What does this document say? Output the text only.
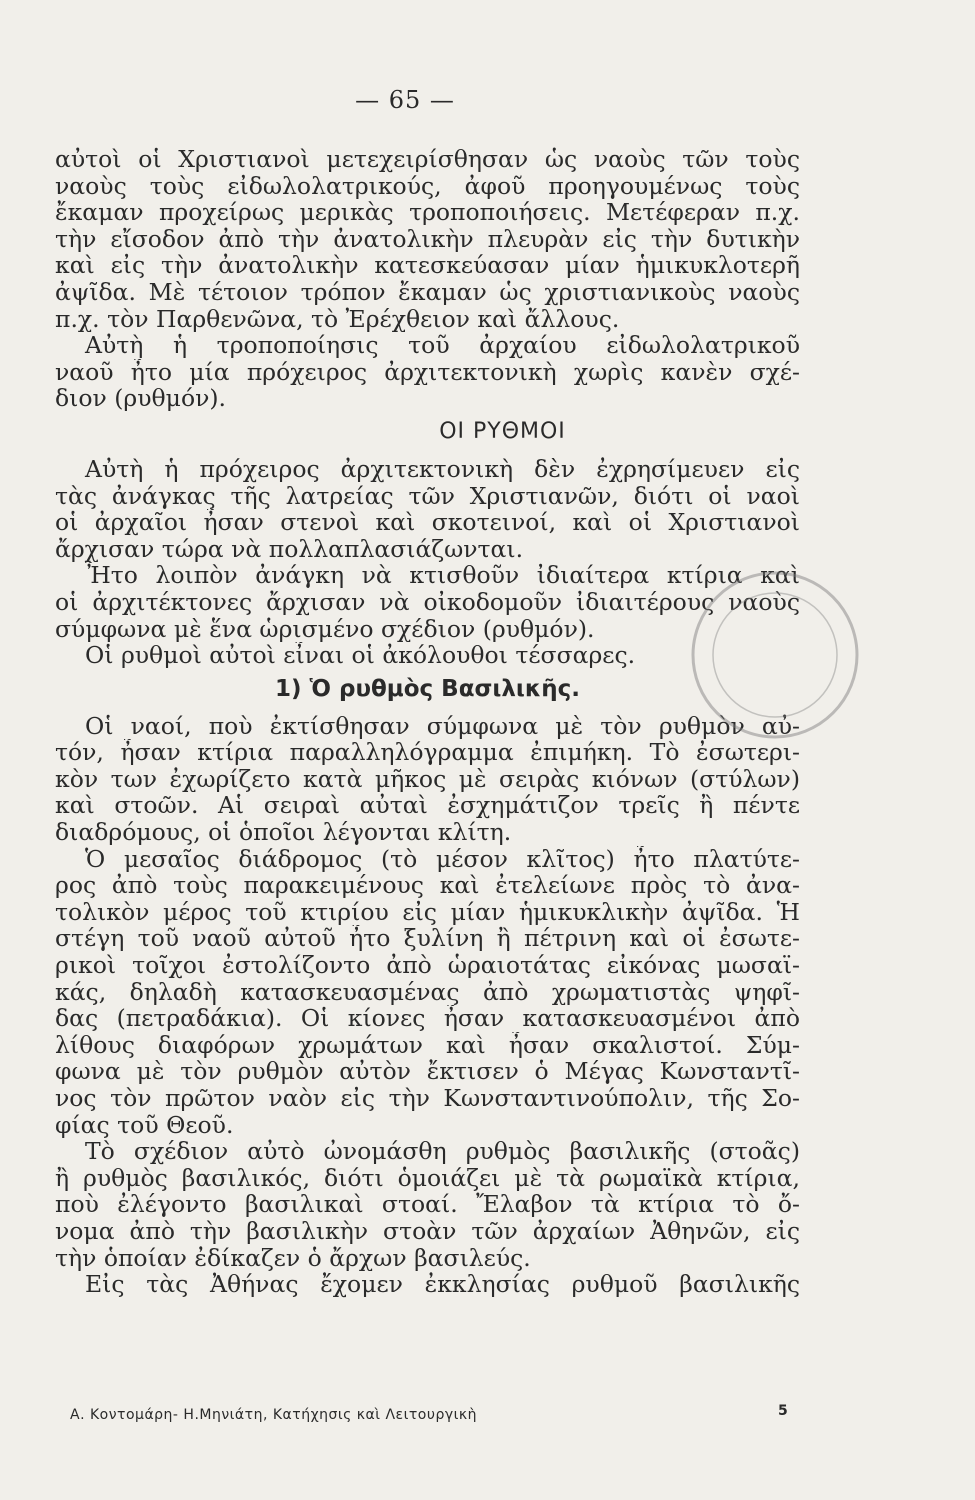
— 65 —
αὐτοὶ οἱ Χριστιανοὶ μετεχειρίσθησαν ὡς ναοὺς τῶν τοὺς
ναοὺς τοὺς εἰδωλολατρικούς, ἀφοῦ προηγουμένως τοὺς
ἔκαμαν προχείρως μερικὰς τροποποιήσεις. Μετέφεραν π.χ.
τὴν εἴσοδον ἀπὸ τὴν ἀνατολικὴν πλευρὰν εἰς τὴν δυτικὴν
καὶ εἰς τὴν ἀνατολικὴν κατεσκεύασαν μίαν ἡμικυκλοτερῆ
ἀψῖδα. Μὲ τέτοιον τρόπον ἔκαμαν ὡς χριστιανικοὺς ναοὺς
π.χ. τὸν Παρθενῶνα, τὸ Ἐρέχθειον καὶ ἄλλους.
Αὐτὴ ἡ τροποποίησις τοῦ ἀρχαίου εἰδωλολατρικοῦ
ναοῦ ἦτο μία πρόχειρος ἀρχιτεκτονικὴ χωρὶς κανὲν σχέ-
διον (ρυθμόν).
ΟΙ ΡΥΘΜΟΙ
Αὐτὴ ἡ πρόχειρος ἀρχιτεκτονικὴ δὲν ἐχρησίμευεν εἰς
τὰς ἀνάγκας τῆς λατρείας τῶν Χριστιανῶν, διότι οἱ ναοὶ
οἱ ἀρχαῖοι ἦσαν στενοὶ καὶ σκοτεινοί, καὶ οἱ Χριστιανοὶ
ἄρχισαν τώρα νὰ πολλαπλασιάζωνται.
Ἦτο λοιπὸν ἀνάγκη νὰ κτισθοῦν ἰδιαίτερα κτίρια καὶ
οἱ ἀρχιτέκτονες ἄρχισαν νὰ οἰκοδομοῦν ἰδιαιτέρους ναοὺς
σύμφωνα μὲ ἕνα ὡρισμένο σχέδιον (ρυθμόν).
Οἱ ρυθμοὶ αὐτοὶ εἶναι οἱ ἀκόλουθοι τέσσαρες.
1) Ὁ ρυθμὸς Βασιλικῆς.
Οἱ ναοί, ποὺ ἐκτίσθησαν σύμφωνα μὲ τὸν ρυθμὸν αὐ-
τόν, ἦσαν κτίρια παραλληλόγραμμα ἐπιμήκη. Τὸ ἐσωτερι-
κὸν των ἐχωρίζετο κατὰ μῆκος μὲ σειρὰς κιόνων (στύλων)
καὶ στοῶν. Αἱ σειραὶ αὐταὶ ἐσχημάτιζον τρεῖς ἢ πέντε
διαδρόμους, οἱ ὁποῖοι λέγονται κλίτη.
Ὁ μεσαῖος διάδρομος (τὸ μέσον κλῖτος) ἦτο πλατύτε-
ρος ἀπὸ τοὺς παρακειμένους καὶ ἐτελείωνε πρὸς τὸ ἀνα-
τολικὸν μέρος τοῦ κτιρίου εἰς μίαν ἡμικυκλικὴν ἀψῖδα. Ἡ
στέγη τοῦ ναοῦ αὐτοῦ ἦτο ξυλίνη ἢ πέτρινη καὶ οἱ ἐσωτε-
ρικοὶ τοῖχοι ἐστολίζοντο ἀπὸ ὡραιοτάτας εἰκόνας μωσαϊ-
κάς, δηλαδὴ κατασκευασμένας ἀπὸ χρωματιστὰς ψηφῖ-
δας (πετραδάκια). Οἱ κίονες ἦσαν κατασκευασμένοι ἀπὸ
λίθους διαφόρων χρωμάτων καὶ ἦσαν σκαλιστοί. Σύμ-
φωνα μὲ τὸν ρυθμὸν αὐτὸν ἔκτισεν ὁ Μέγας Κωνσταντῖ-
νος τὸν πρῶτον ναὸν εἰς τὴν Κωνσταντινούπολιν, τῆς Σο-
φίας τοῦ Θεοῦ.
Τὸ σχέδιον αὐτὸ ὠνομάσθη ρυθμὸς βασιλικῆς (στοᾶς)
ἢ ρυθμὸς βασιλικός, διότι ὁμοιάζει μὲ τὰ ρωμαϊκὰ κτίρια,
ποὺ ἐλέγοντο βασιλικαὶ στοαί. Ἔλαβον τὰ κτίρια τὸ ὄ-
νομα ἀπὸ τὴν βασιλικὴν στοὰν τῶν ἀρχαίων Ἀθηνῶν, εἰς
τὴν ὁποίαν ἐδίκαζεν ὁ ἄρχων βασιλεύς.
Εἰς τὰς Ἀθήνας ἔχομεν ἐκκλησίας ρυθμοῦ βασιλικῆς
Α. Κοντομάρη- Η.Μηνιάτη, Κατήχησις καὶ Λειτουργικὴ	5
